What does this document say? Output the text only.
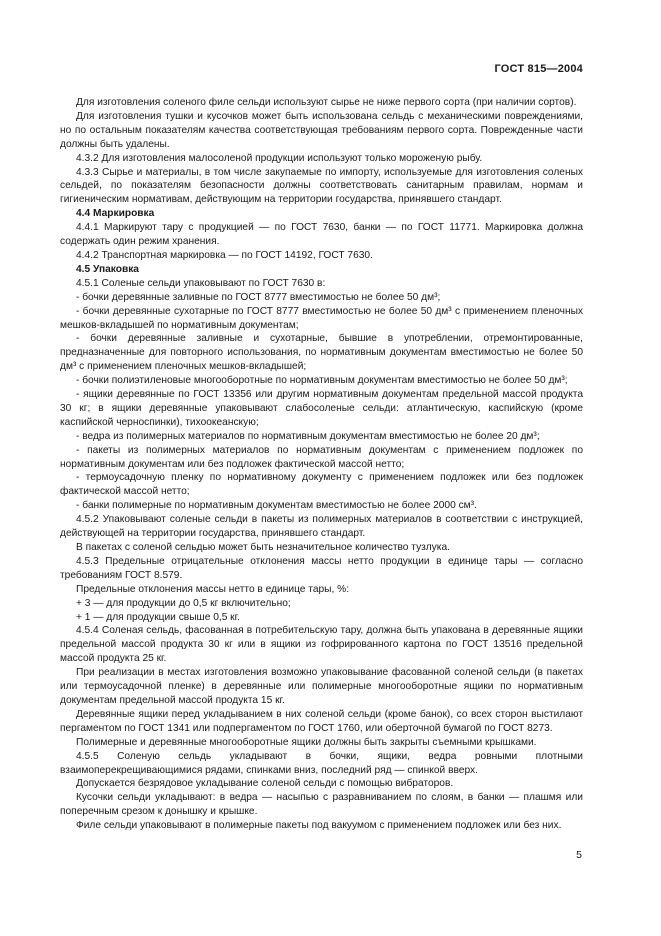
ГОСТ 815—2004

Для изготовления соленого филе сельди используют сырье не ниже первого сорта (при наличии сортов).

Для изготовления тушки и кусочков может быть использована сельдь с механическими повреждениями, но по остальным показателям качества соответствующая требованиям первого сорта. Поврежденные части должны быть удалены.

4.3.2 Для изготовления малосоленой продукции используют только мороженую рыбу.

4.3.3 Сырье и материалы, в том числе закупаемые по импорту, используемые для изготовления соленых сельдей, по показателям безопасности должны соответствовать санитарным правилам, нормам и гигиеническим нормативам, действующим на территории государства, принявшего стандарт.

4.4 Маркировка

4.4.1 Маркируют тару с продукцией — по ГОСТ 7630, банки — по ГОСТ 11771. Маркировка должна содержать один режим хранения.

4.4.2 Транспортная маркировка — по ГОСТ 14192, ГОСТ 7630.

4.5 Упаковка

4.5.1 Соленые сельди упаковывают по ГОСТ 7630 в:

- бочки деревянные заливные по ГОСТ 8777 вместимостью не более 50 дм³;

- бочки деревянные сухотарные по ГОСТ 8777 вместимостью не более 50 дм³ с применением пленочных мешков-вкладышей по нормативным документам;

- бочки деревянные заливные и сухотарные, бывшие в употреблении, отремонтированные, предназначенные для повторного использования, по нормативным документам вместимостью не более 50 дм³ с применением пленочных мешков-вкладышей;

- бочки полиэтиленовые многооборотные по нормативным документам вместимостью не более 50 дм³;

- ящики деревянные по ГОСТ 13356 или другим нормативным документам предельной массой продукта 30 кг; в ящики деревянные упаковывают слабосоленые сельди: атлантическую, каспийскую (кроме каспийской черноспинки), тихоокеанскую;

- ведра из полимерных материалов по нормативным документам вместимостью не более 20 дм³;

- пакеты из полимерных материалов по нормативным документам с применением подложек по нормативным документам или без подложек фактической массой нетто;

- термоусадочную пленку по нормативному документу с применением подложек или без подложек фактической массой нетто;

- банки полимерные по нормативным документам вместимостью не более 2000 см³.

4.5.2 Упаковывают соленые сельди в пакеты из полимерных материалов в соответствии с инструкцией, действующей на территории государства, принявшего стандарт.

В пакетах с соленой сельдью может быть незначительное количество тузлука.

4.5.3 Предельные отрицательные отклонения массы нетто продукции в единице тары — согласно требованиям ГОСТ 8.579.

Предельные отклонения массы нетто в единице тары, %:

+ 3 — для продукции до 0,5 кг включительно;

+ 1 — для продукции свыше 0,5 кг.

4.5.4 Соленая сельдь, фасованная в потребительскую тару, должна быть упакована в деревянные ящики предельной массой продукта 30 кг или в ящики из гофрированного картона по ГОСТ 13516 предельной массой продукта 25 кг.

При реализации в местах изготовления возможно упаковывание фасованной соленой сельди (в пакетах или термоусадочной пленке) в деревянные или полимерные многооборотные ящики по нормативным документам предельной массой продукта 15 кг.

Деревянные ящики перед укладыванием в них соленой сельди (кроме банок), со всех сторон выстилают пергаментом по ГОСТ 1341 или подпергаментом по ГОСТ 1760, или оберточной бумагой по ГОСТ 8273.

Полимерные и деревянные многооборотные ящики должны быть закрыты съемными крышками.

4.5.5 Соленую сельдь укладывают в бочки, ящики, ведра ровными плотными взаимоперекрещивающимися рядами, спинками вниз, последний ряд — спинкой вверх.

Допускается безрядовое укладывание соленой сельди с помощью вибраторов.

Кусочки сельди укладывают: в ведра — насыпью с разравниванием по слоям, в банки — плашмя или поперечным срезом к донышку и крышке.

Филе сельди упаковывают в полимерные пакеты под вакуумом с применением подложек или без них.

5
